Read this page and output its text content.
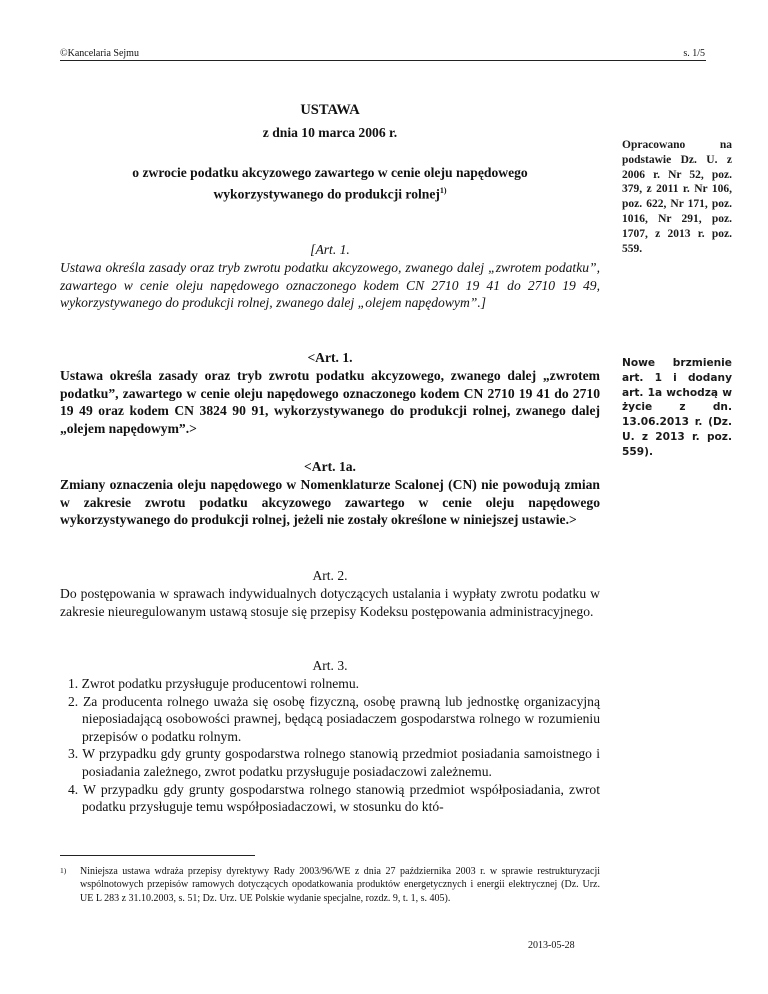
©Kancelaria Sejmu	s. 1/5
USTAWA
z dnia 10 marca 2006 r.
o zwrocie podatku akcyzowego zawartego w cenie oleju napędowego
wykorzystywanego do produkcji rolnej$^{1)}$
Opracowano na podstawie Dz. U. z 2006 r. Nr 52, poz. 379, z 2011 r. Nr 106, poz. 622, Nr 171, poz. 1016, Nr 291, poz. 1707, z 2013 r. poz. 559.
Nowe brzmienie art. 1 i dodany art. 1a wchodzą w życie z dn. 13.06.2013 r. (Dz. U. z 2013 r. poz. 559).
[Art. 1.
Ustawa określa zasady oraz tryb zwrotu podatku akcyzowego, zwanego dalej „zwrotem podatku”, zawartego w cenie oleju napędowego oznaczonego kodem CN 2710 19 41 do 2710 19 49, wykorzystywanego do produkcji rolnej, zwanego dalej „olejem napędowym”.]
<Art. 1.
Ustawa określa zasady oraz tryb zwrotu podatku akcyzowego, zwanego dalej „zwrotem podatku”, zawartego w cenie oleju napędowego oznaczonego kodem CN 2710 19 41 do 2710 19 49 oraz kodem CN 3824 90 91, wykorzystywanego do produkcji rolnej, zwanego dalej „olejem napędowym”.>
<Art. 1a.
Zmiany oznaczenia oleju napędowego w Nomenklaturze Scalonej (CN) nie powodują zmian w zakresie zwrotu podatku akcyzowego zawartego w cenie oleju napędowego wykorzystywanego do produkcji rolnej, jeżeli nie zostały określone w niniejszej ustawie.>
Art. 2.
Do postępowania w sprawach indywidualnych dotyczących ustalania i wypłaty zwrotu podatku w zakresie nieuregulowanym ustawą stosuje się przepisy Kodeksu postępowania administracyjnego.
Art. 3.
1. Zwrot podatku przysługuje producentowi rolnemu.
2. Za producenta rolnego uważa się osobę fizyczną, osobę prawną lub jednostkę organizacyjną nieposiadającą osobowości prawnej, będącą posiadaczem gospodarstwa rolnego w rozumieniu przepisów o podatku rolnym.
3. W przypadku gdy grunty gospodarstwa rolnego stanowią przedmiot posiadania samoistnego i posiadania zależnego, zwrot podatku przysługuje posiadaczowi zależnemu.
4. W przypadku gdy grunty gospodarstwa rolnego stanowią przedmiot współposiadania, zwrot podatku przysługuje temu współposiadaczowi, w stosunku do któ-
1)	Niniejsza ustawa wdraża przepisy dyrektywy Rady 2003/96/WE z dnia 27 października 2003 r. w sprawie restrukturyzacji wspólnotowych przepisów ramowych dotyczących opodatkowania produktów energetycznych i energii elektrycznej (Dz. Urz. UE L 283 z 31.10.2003, s. 51; Dz. Urz. UE Polskie wydanie specjalne, rozdz. 9, t. 1, s. 405).
2013-05-28
